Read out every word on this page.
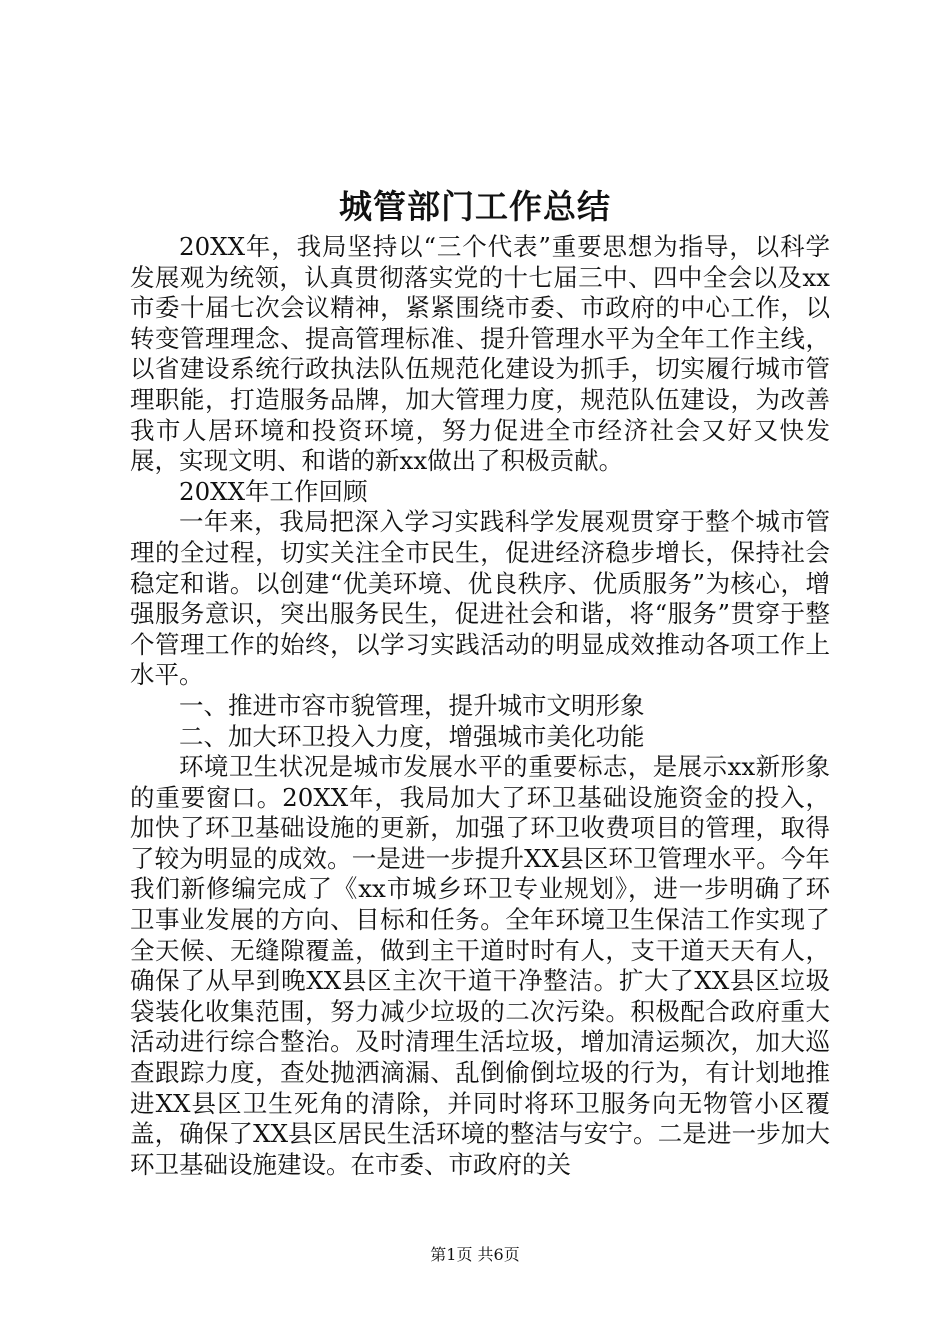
城管部门工作总结

20XX年，我局坚持以“三个代表”重要思想为指导，以科学发展观为统领，认真贯彻落实党的十七届三中、四中全会以及xx市委十届七次会议精神，紧紧围绕市委、市政府的中心工作，以转变管理理念、提高管理标准、提升管理水平为全年工作主线，以省建设系统行政执法队伍规范化建设为抓手，切实履行城市管理职能，打造服务品牌，加大管理力度，规范队伍建设，为改善我市人居环境和投资环境，努力促进全市经济社会又好又快发展，实现文明、和谐的新xx做出了积极贡献。

20XX年工作回顾

一年来，我局把深入学习实践科学发展观贯穿于整个城市管理的全过程，切实关注全市民生，促进经济稳步增长，保持社会稳定和谐。以创建“优美环境、优良秩序、优质服务”为核心，增强服务意识，突出服务民生，促进社会和谐，将“服务”贯穿于整个管理工作的始终，以学习实践活动的明显成效推动各项工作上水平。

一、推进市容市貌管理，提升城市文明形象

二、加大环卫投入力度，增强城市美化功能

环境卫生状况是城市发展水平的重要标志，是展示xx新形象的重要窗口。20XX年，我局加大了环卫基础设施资金的投入，加快了环卫基础设施的更新，加强了环卫收费项目的管理，取得了较为明显的成效。一是进一步提升XX县区环卫管理水平。今年我们新修编完成了《xx市城乡环卫专业规划》，进一步明确了环卫事业发展的方向、目标和任务。全年环境卫生保洁工作实现了全天候、无缝隙覆盖，做到主干道时时有人，支干道天天有人，确保了从早到晚XX县区主次干道干净整洁。扩大了XX县区垃圾袋装化收集范围，努力减少垃圾的二次污染。积极配合政府重大活动进行综合整治。及时清理生活垃圾，增加清运频次，加大巡查跟踪力度，查处抛洒滴漏、乱倒偷倒垃圾的行为，有计划地推进XX县区卫生死角的清除，并同时将环卫服务向无物管小区覆盖，确保了XX县区居民生活环境的整洁与安宁。二是进一步加大环卫基础设施建设。在市委、市政府的关

第1页 共6页
